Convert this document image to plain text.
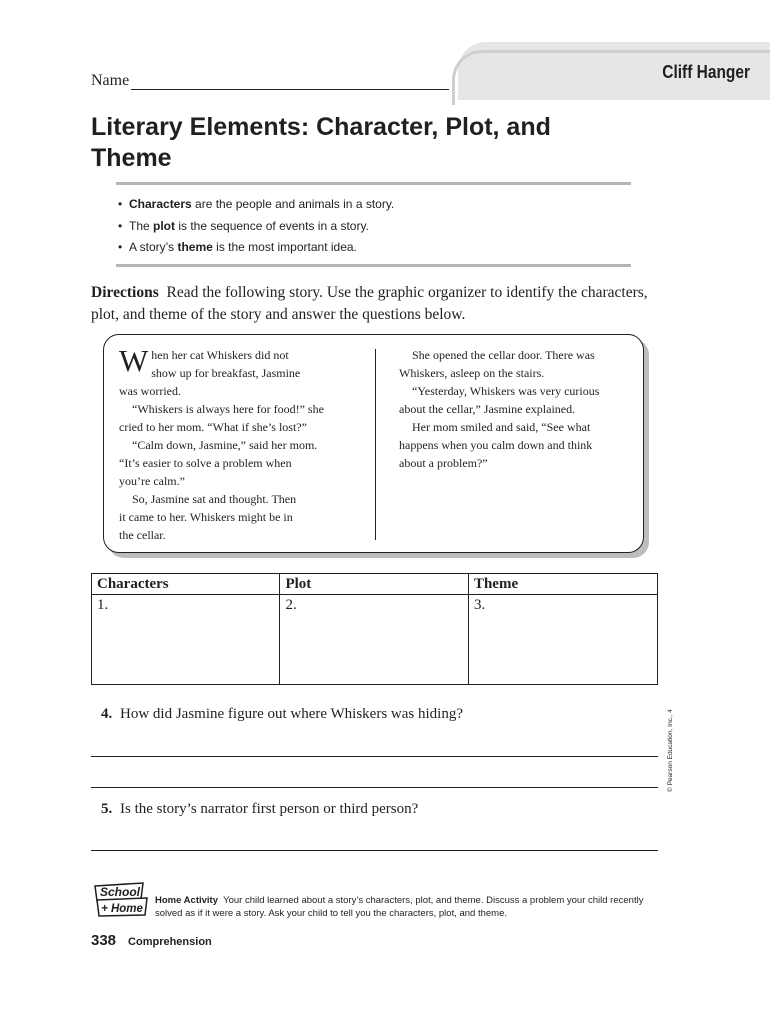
Cliff Hanger
Name
Literary Elements: Character, Plot, and Theme
• Characters are the people and animals in a story.
• The plot is the sequence of events in a story.
• A story’s theme is the most important idea.
Directions Read the following story. Use the graphic organizer to identify the characters, plot, and theme of the story and answer the questions below.
W hen her cat Whiskers did not

show up for breakfast, Jasmine

was worried.

“Whiskers is always here for food!” she

cried to her mom. “What if she’s lost?”

“Calm down, Jasmine,” said her mom.

“It’s easier to solve a problem when

you’re calm.”

So, Jasmine sat and thought. Then

it came to her. Whiskers might be in

the cellar.

She opened the cellar door. There was

Whiskers, asleep on the stairs.

“Yesterday, Whiskers was very curious

about the cellar,” Jasmine explained.

Her mom smiled and said, “See what

happens when you calm down and think

about a problem?”

Characters	Plot	Theme
1.	2.	3.
4. How did Jasmine figure out where Whiskers was hiding?
5. Is the story’s narrator first person or third person?
© Pearson Education, Inc., 4
School
+ Home
Home Activity Your child learned about a story’s characters, plot, and theme. Discuss a problem your child recently solved as if it were a story. Ask your child to tell you the characters, plot, and theme.
338 Comprehension
